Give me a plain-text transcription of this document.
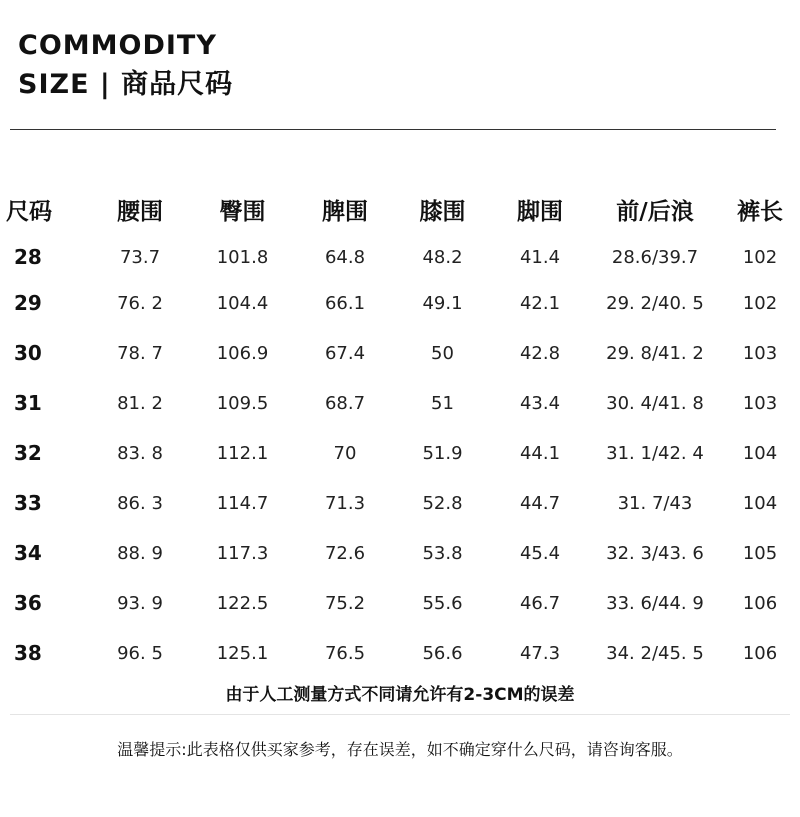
COMMODITY
SIZE | 商品尺码
尺码	腰围	臀围	脾围	膝围	脚围	前/后浪	裤长
28	73.7	101.8	64.8	48.2	41.4	28.6/39.7	102
29	76. 2	104.4	66.1	49.1	42.1	29. 2/40. 5	102
30	78. 7	106.9	67.4	50	42.8	29. 8/41. 2	103
31	81. 2	109.5	68.7	51	43.4	30. 4/41. 8	103
32	83. 8	112.1	70	51.9	44.1	31. 1/42. 4	104
33	86. 3	114.7	71.3	52.8	44.7	31. 7/43	104
34	88. 9	117.3	72.6	53.8	45.4	32. 3/43. 6	105
36	93. 9	122.5	75.2	55.6	46.7	33. 6/44. 9	106
38	96. 5	125.1	76.5	56.6	47.3	34. 2/45. 5	106
由于人工测量方式不同请允许有2-3CM的误差
温馨提示:此表格仅供买家参考，存在误差，如不确定穿什么尺码，请咨询客服。
